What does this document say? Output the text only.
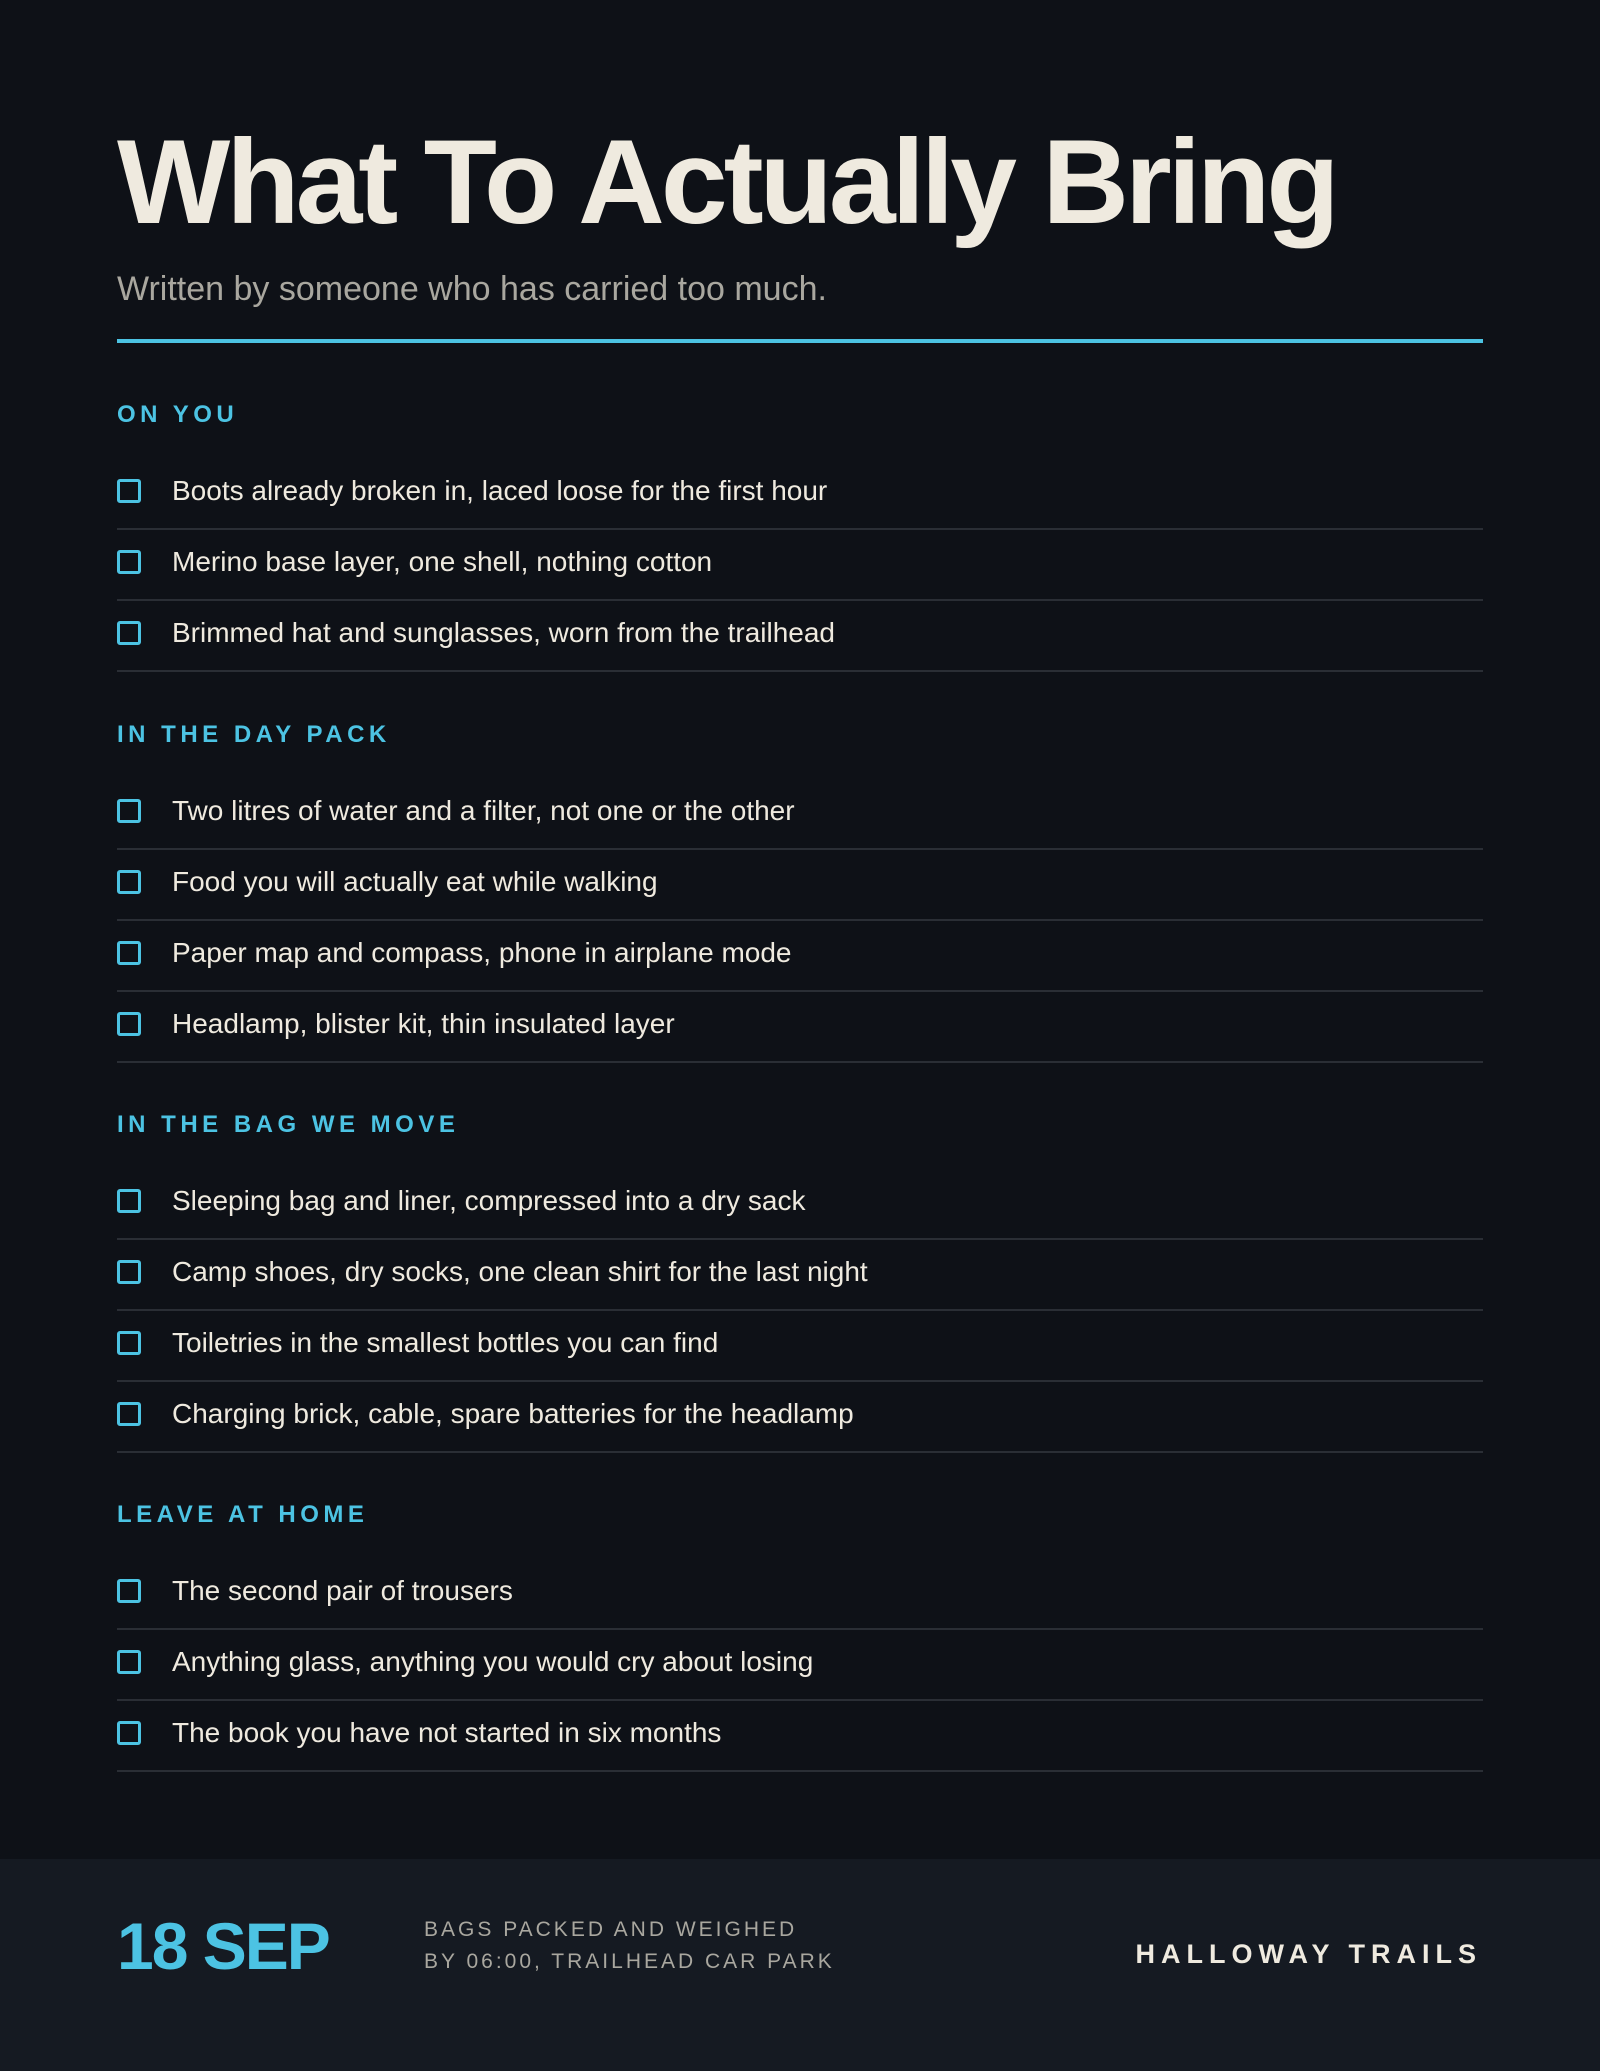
What To Actually Bring
Written by someone who has carried too much.
ON YOU
Boots already broken in, laced loose for the first hour
Merino base layer, one shell, nothing cotton
Brimmed hat and sunglasses, worn from the trailhead
IN THE DAY PACK
Two litres of water and a filter, not one or the other
Food you will actually eat while walking
Paper map and compass, phone in airplane mode
Headlamp, blister kit, thin insulated layer
IN THE BAG WE MOVE
Sleeping bag and liner, compressed into a dry sack
Camp shoes, dry socks, one clean shirt for the last night
Toiletries in the smallest bottles you can find
Charging brick, cable, spare batteries for the headlamp
LEAVE AT HOME
The second pair of trousers
Anything glass, anything you would cry about losing
The book you have not started in six months
18 SEP	BAGS PACKED AND WEIGHED
BY 06:00, TRAILHEAD CAR PARK	HALLOWAY TRAILS
